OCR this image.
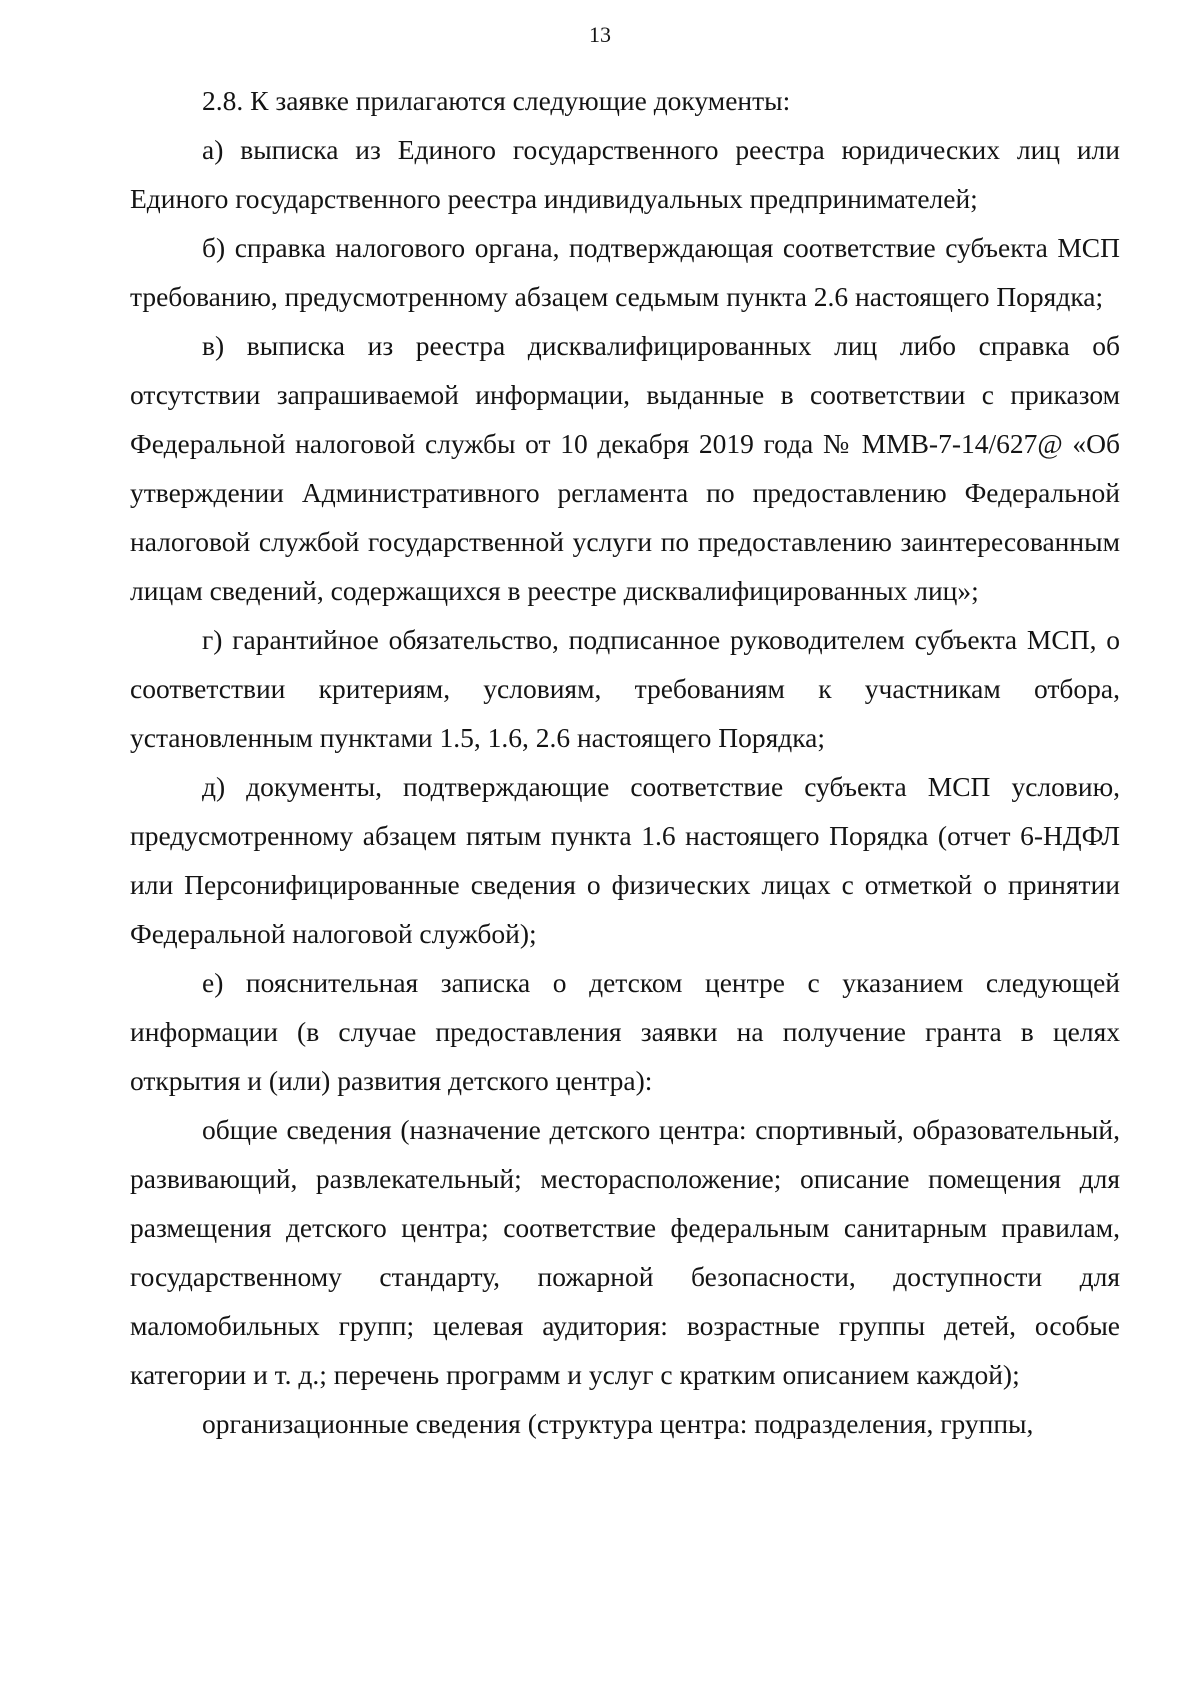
13

2.8. К заявке прилагаются следующие документы:

а) выписка из Единого государственного реестра юридических лиц или Единого государственного реестра индивидуальных предпринимателей;

б) справка налогового органа, подтверждающая соответствие субъекта МСП требованию, предусмотренному абзацем седьмым пункта 2.6 настоящего Порядка;

в) выписка из реестра дисквалифицированных лиц либо справка об отсутствии запрашиваемой информации, выданные в соответствии с приказом Федеральной налоговой службы от 10 декабря 2019 года № ММВ-7-14/627@ «Об утверждении Административного регламента по предоставлению Федеральной налоговой службой государственной услуги по предоставлению заинтересованным лицам сведений, содержащихся в реестре дисквалифицированных лиц»;

г) гарантийное обязательство, подписанное руководителем субъекта МСП, о соответствии критериям, условиям, требованиям к участникам отбора, установленным пунктами 1.5, 1.6, 2.6 настоящего Порядка;

д) документы, подтверждающие соответствие субъекта МСП условию, предусмотренному абзацем пятым пункта 1.6 настоящего Порядка (отчет 6-НДФЛ или Персонифицированные сведения о физических лицах с отметкой о принятии Федеральной налоговой службой);

е) пояснительная записка о детском центре с указанием следующей информации (в случае предоставления заявки на получение гранта в целях открытия и (или) развития детского центра):

общие сведения (назначение детского центра: спортивный, образовательный, развивающий, развлекательный; месторасположение; описание помещения для размещения детского центра; соответствие федеральным санитарным правилам, государственному стандарту, пожарной безопасности, доступности для маломобильных групп; целевая аудитория: возрастные группы детей, особые категории и т. д.; перечень программ и услуг с кратким описанием каждой);

организационные сведения (структура центра: подразделения, группы,
